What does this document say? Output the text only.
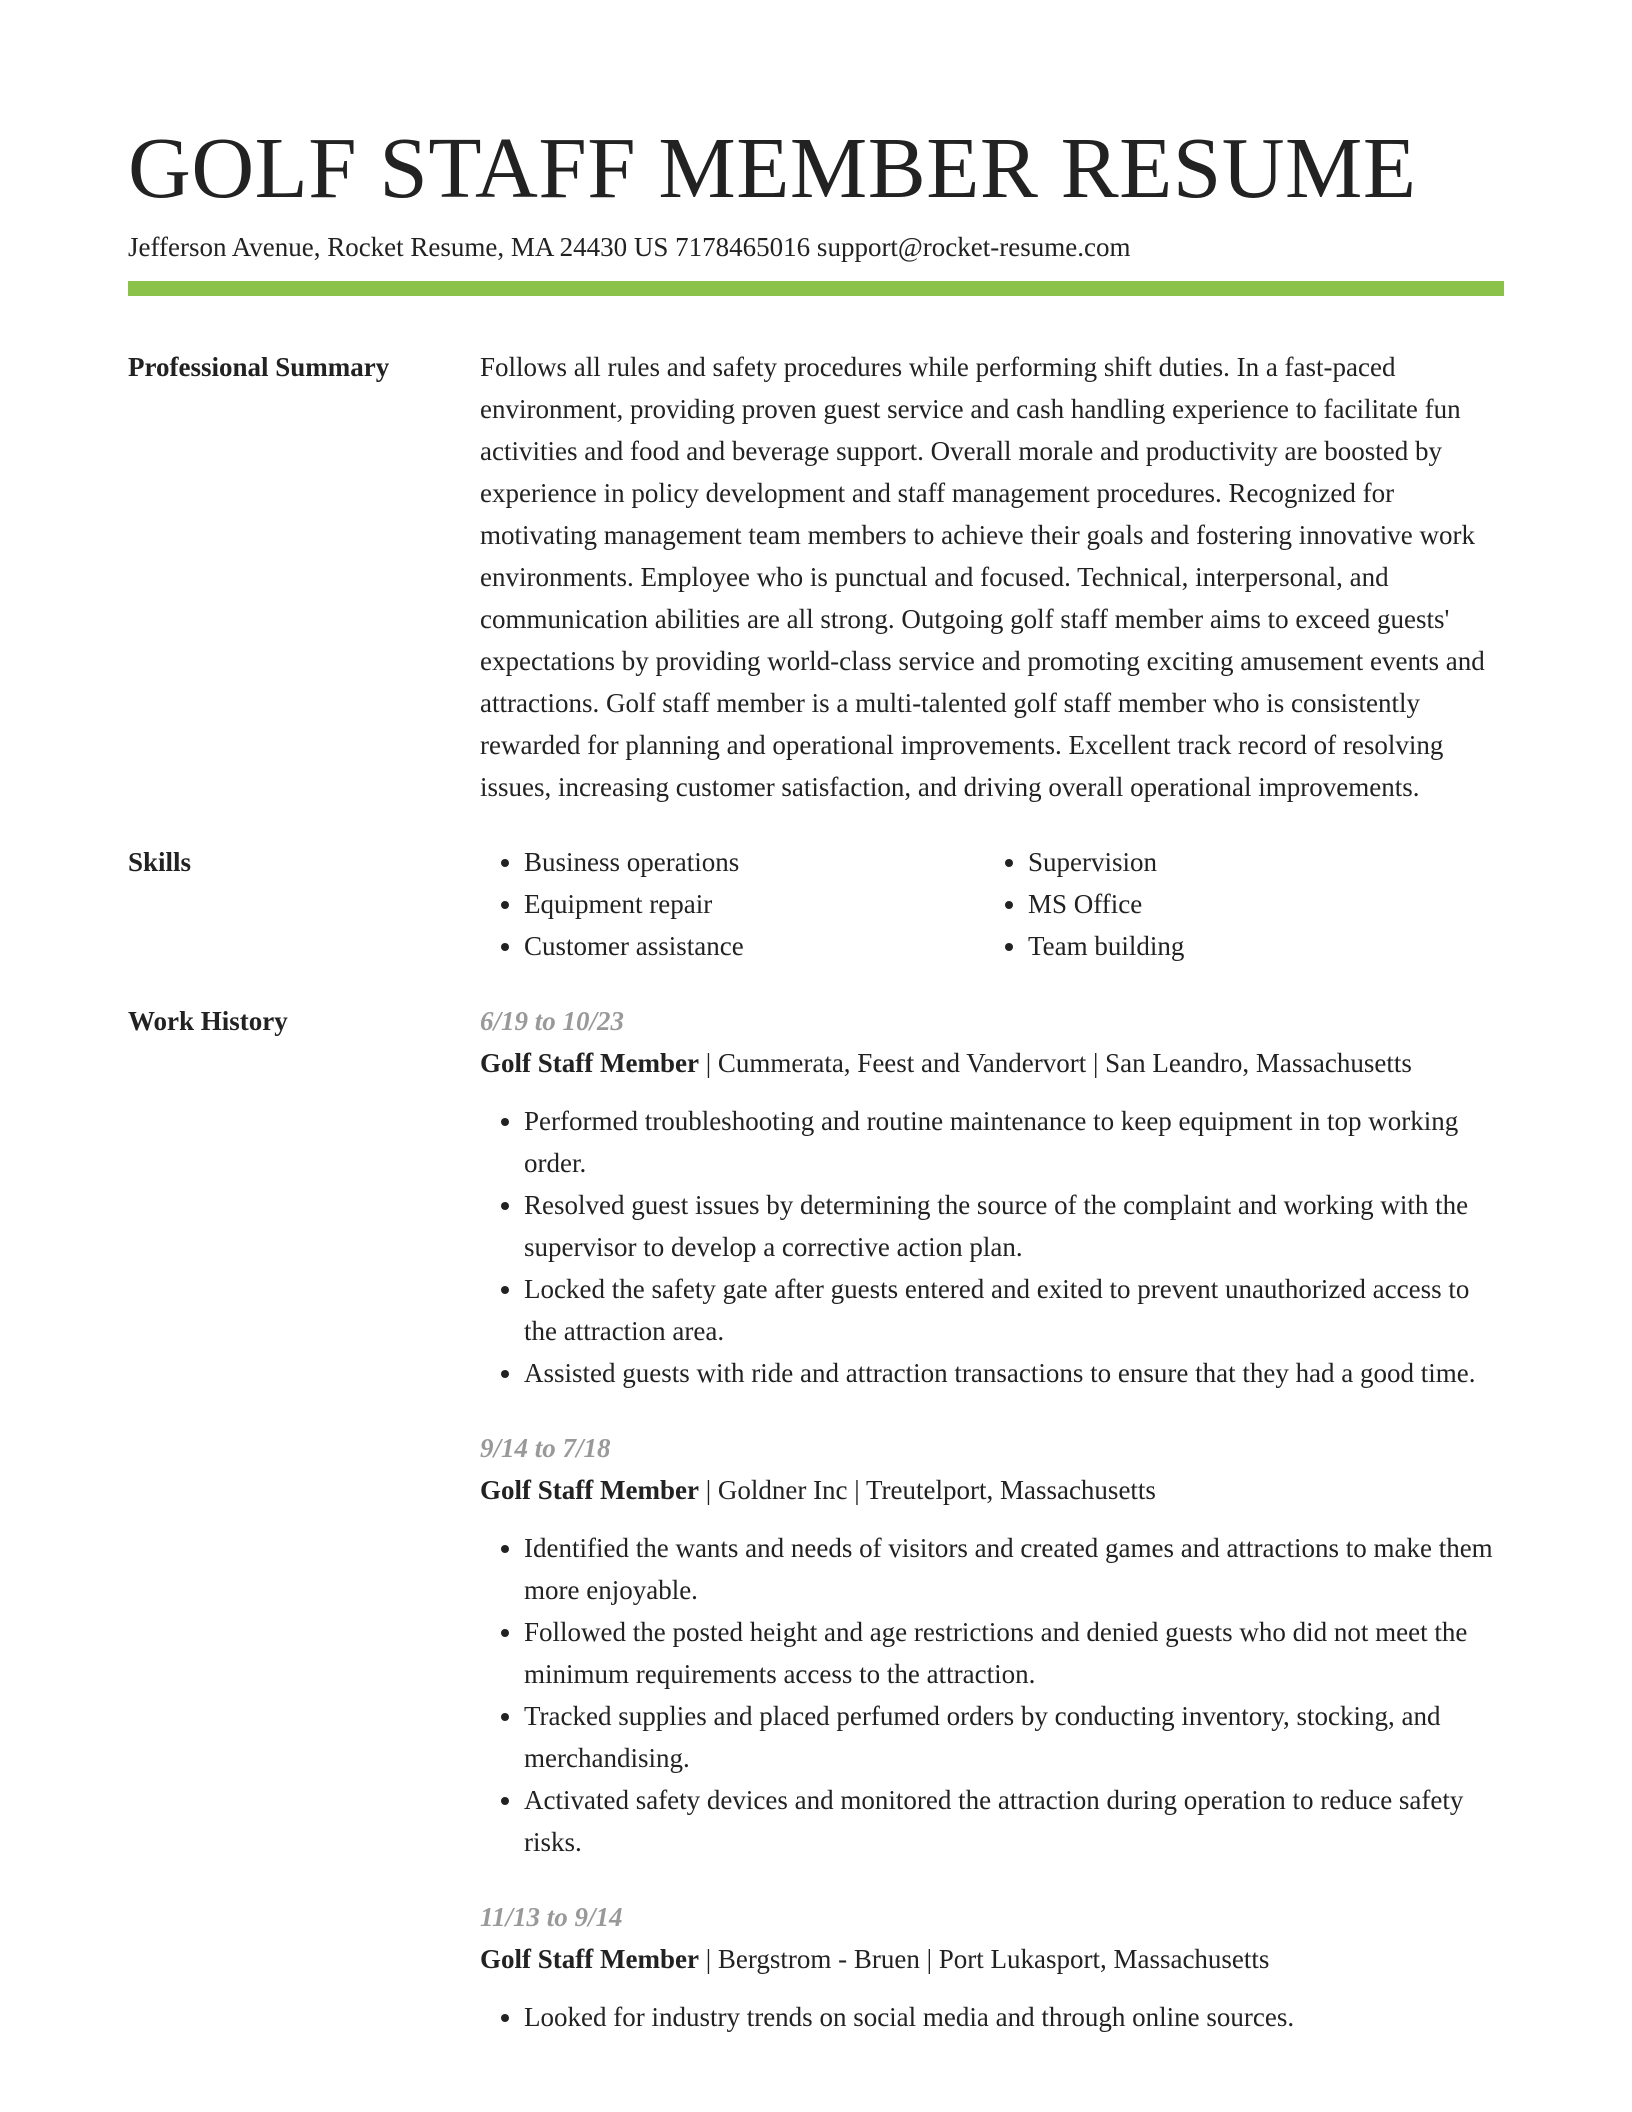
GOLF STAFF MEMBER RESUME
Jefferson Avenue, Rocket Resume, MA 24430 US 7178465016 support@rocket-resume.com
Professional Summary	Follows all rules and safety procedures while performing shift duties. In a fast-paced environment, providing proven guest service and cash handling experience to facilitate fun activities and food and beverage support. Overall morale and productivity are boosted by experience in policy development and staff management procedures. Recognized for motivating management team members to achieve their goals and fostering innovative work environments. Employee who is punctual and focused. Technical, interpersonal, and communication abilities are all strong. Outgoing golf staff member aims to exceed guests' expectations by providing world-class service and promoting exciting amusement events and attractions. Golf staff member is a multi-talented golf staff member who is consistently rewarded for planning and operational improvements. Excellent track record of resolving issues, increasing customer satisfaction, and driving overall operational improvements.

Skills
•	Business operations
• Equipment repair
• Customer assistance
• Supervision
• MS Office
• Team building
Work History	6/19 to 10/23
Golf Staff Member | Cummerata, Feest and Vandervort | San Leandro, Massachusetts
• Performed troubleshooting and routine maintenance to keep equipment in top working order.
• Resolved guest issues by determining the source of the complaint and working with the supervisor to develop a corrective action plan.
• Locked the safety gate after guests entered and exited to prevent unauthorized access to the attraction area.
• Assisted guests with ride and attraction transactions to ensure that they had a good time.
9/14 to 7/18
Golf Staff Member | Goldner Inc | Treutelport, Massachusetts
• Identified the wants and needs of visitors and created games and attractions to make them more enjoyable.
• Followed the posted height and age restrictions and denied guests who did not meet the minimum requirements access to the attraction.
• Tracked supplies and placed perfumed orders by conducting inventory, stocking, and merchandising.
• Activated safety devices and monitored the attraction during operation to reduce safety risks.
11/13 to 9/14
Golf Staff Member | Bergstrom - Bruen | Port Lukasport, Massachusetts
• Looked for industry trends on social media and through online sources.
